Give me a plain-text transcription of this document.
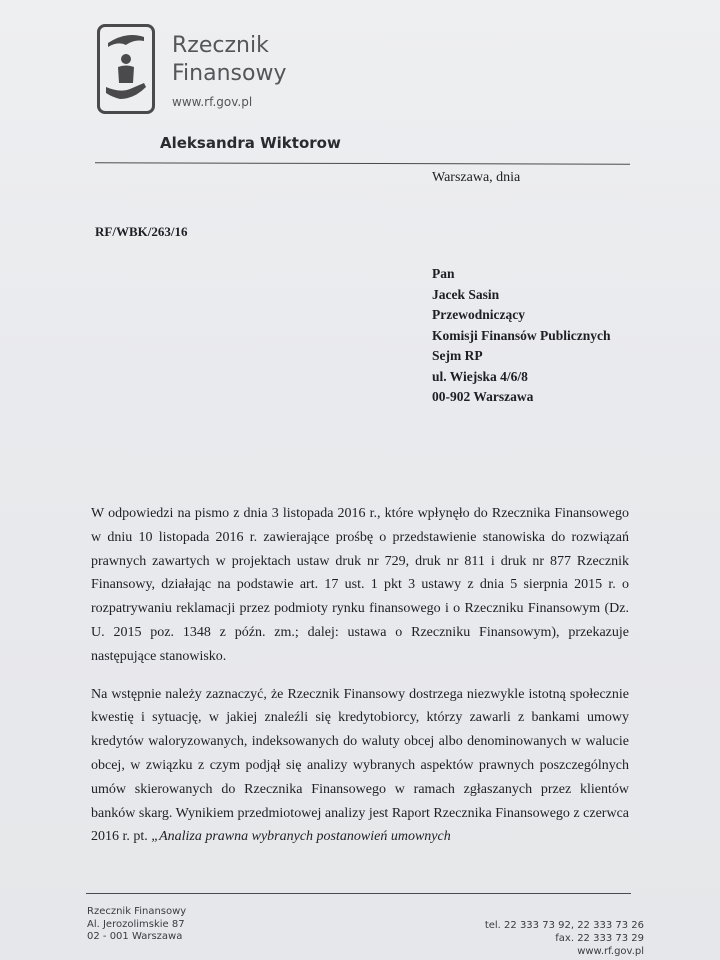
Rzecznik
Finansowy
www.rf.gov.pl
Aleksandra Wiktorow
Warszawa, dnia
RF/WBK/263/16
Pan
Jacek Sasin
Przewodniczący
Komisji Finansów Publicznych
Sejm RP
ul. Wiejska 4/6/8
00-902 Warszawa

W odpowiedzi na pismo z dnia 3 listopada 2016 r., które wpłynęło do Rzecznika Finansowego w dniu 10 listopada 2016 r. zawierające prośbę o przedstawienie stanowiska do rozwiązań prawnych zawartych w projektach ustaw druk nr 729, druk nr 811 i druk nr 877 Rzecznik Finansowy, działając na podstawie art. 17 ust. 1 pkt 3 ustawy z dnia 5 sierpnia 2015 r. o rozpatrywaniu reklamacji przez podmioty rynku finansowego i o Rzeczniku Finansowym (Dz. U. 2015 poz. 1348 z późn. zm.; dalej: ustawa o Rzeczniku Finansowym), przekazuje następujące stanowisko.

Na wstępnie należy zaznaczyć, że Rzecznik Finansowy dostrzega niezwykle istotną społecznie kwestię i sytuację, w jakiej znaleźli się kredytobiorcy, którzy zawarli z bankami umowy kredytów waloryzowanych, indeksowanych do waluty obcej albo denominowanych w walucie obcej, w związku z czym podjął się analizy wybranych aspektów prawnych poszczególnych umów skierowanych do Rzecznika Finansowego w ramach zgłaszanych przez klientów banków skarg. Wynikiem przedmiotowej analizy jest Raport Rzecznika Finansowego z czerwca 2016 r. pt. „Analiza prawna wybranych postanowień umownych

Rzecznik Finansowy
Al. Jerozolimskie 87
02 - 001 Warszawa
tel. 22 333 73 92, 22 333 73 26
fax. 22 333 73 29
www.rf.gov.pl
